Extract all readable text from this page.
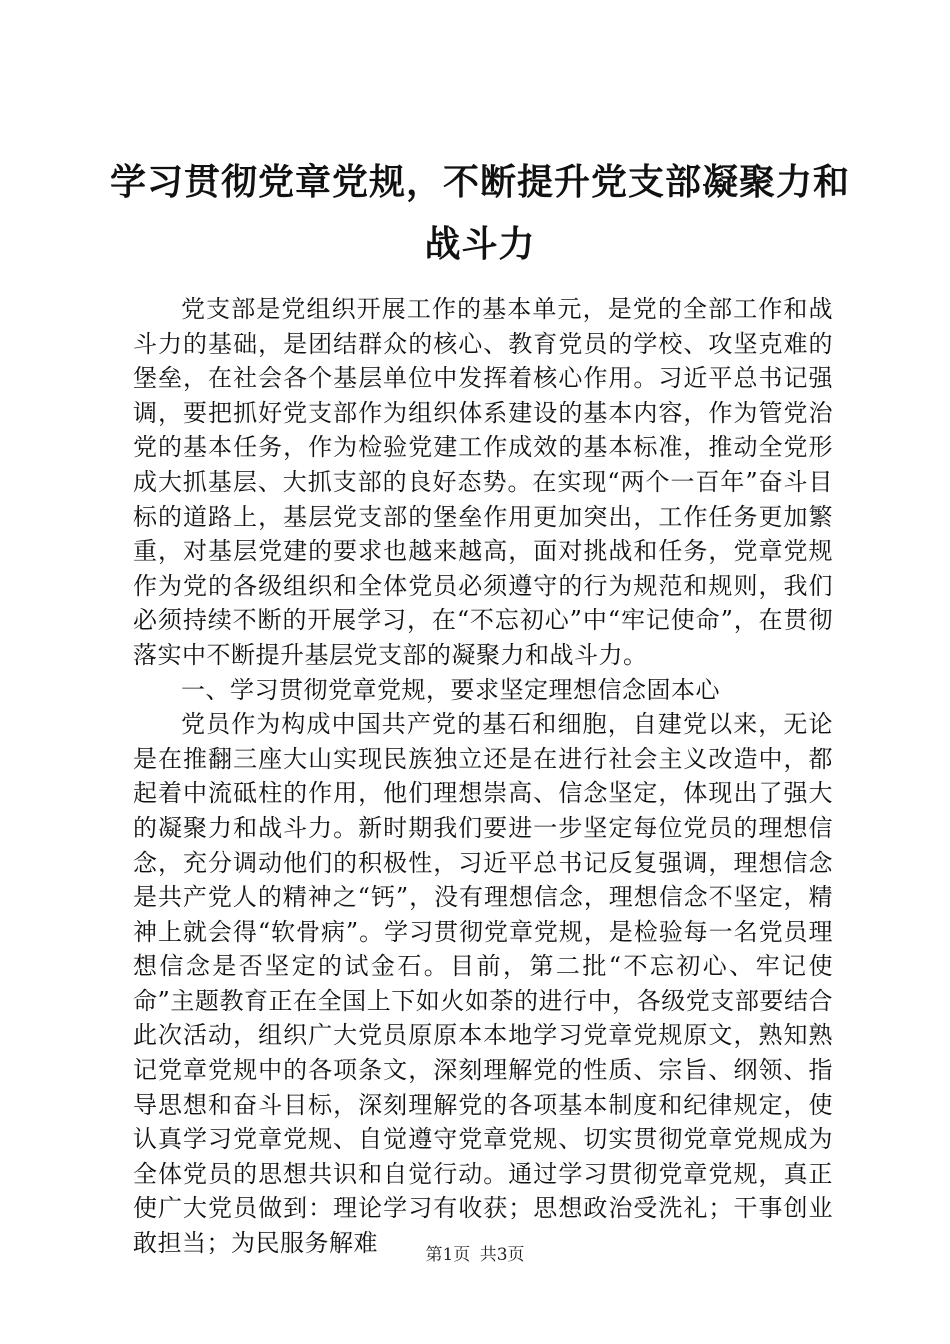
学习贯彻党章党规，不断提升党支部凝聚力和
战斗力

党支部是党组织开展工作的基本单元，是党的全部工作和战斗力的基础，是团结群众的核心、教育党员的学校、攻坚克难的堡垒，在社会各个基层单位中发挥着核心作用。习近平总书记强调，要把抓好党支部作为组织体系建设的基本内容，作为管党治党的基本任务，作为检验党建工作成效的基本标准，推动全党形成大抓基层、大抓支部的良好态势。在实现“两个一百年”奋斗目标的道路上，基层党支部的堡垒作用更加突出，工作任务更加繁重，对基层党建的要求也越来越高，面对挑战和任务，党章党规作为党的各级组织和全体党员必须遵守的行为规范和规则，我们必须持续不断的开展学习，在“不忘初心”中“牢记使命”，在贯彻落实中不断提升基层党支部的凝聚力和战斗力。

一、学习贯彻党章党规，要求坚定理想信念固本心

党员作为构成中国共产党的基石和细胞，自建党以来，无论是在推翻三座大山实现民族独立还是在进行社会主义改造中，都起着中流砥柱的作用，他们理想崇高、信念坚定，体现出了强大的凝聚力和战斗力。新时期我们要进一步坚定每位党员的理想信念，充分调动他们的积极性，习近平总书记反复强调，理想信念是共产党人的精神之“钙”，没有理想信念，理想信念不坚定，精神上就会得“软骨病”。学习贯彻党章党规，是检验每一名党员理想信念是否坚定的试金石。目前，第二批“不忘初心、牢记使命”主题教育正在全国上下如火如荼的进行中，各级党支部要结合此次活动，组织广大党员原原本本地学习党章党规原文，熟知熟记党章党规中的各项条文，深刻理解党的性质、宗旨、纲领、指导思想和奋斗目标，深刻理解党的各项基本制度和纪律规定，使认真学习党章党规、自觉遵守党章党规、切实贯彻党章党规成为全体党员的思想共识和自觉行动。通过学习贯彻党章党规，真正使广大党员做到：理论学习有收获；思想政治受洗礼；干事创业敢担当；为民服务解难	第1页 共3页
